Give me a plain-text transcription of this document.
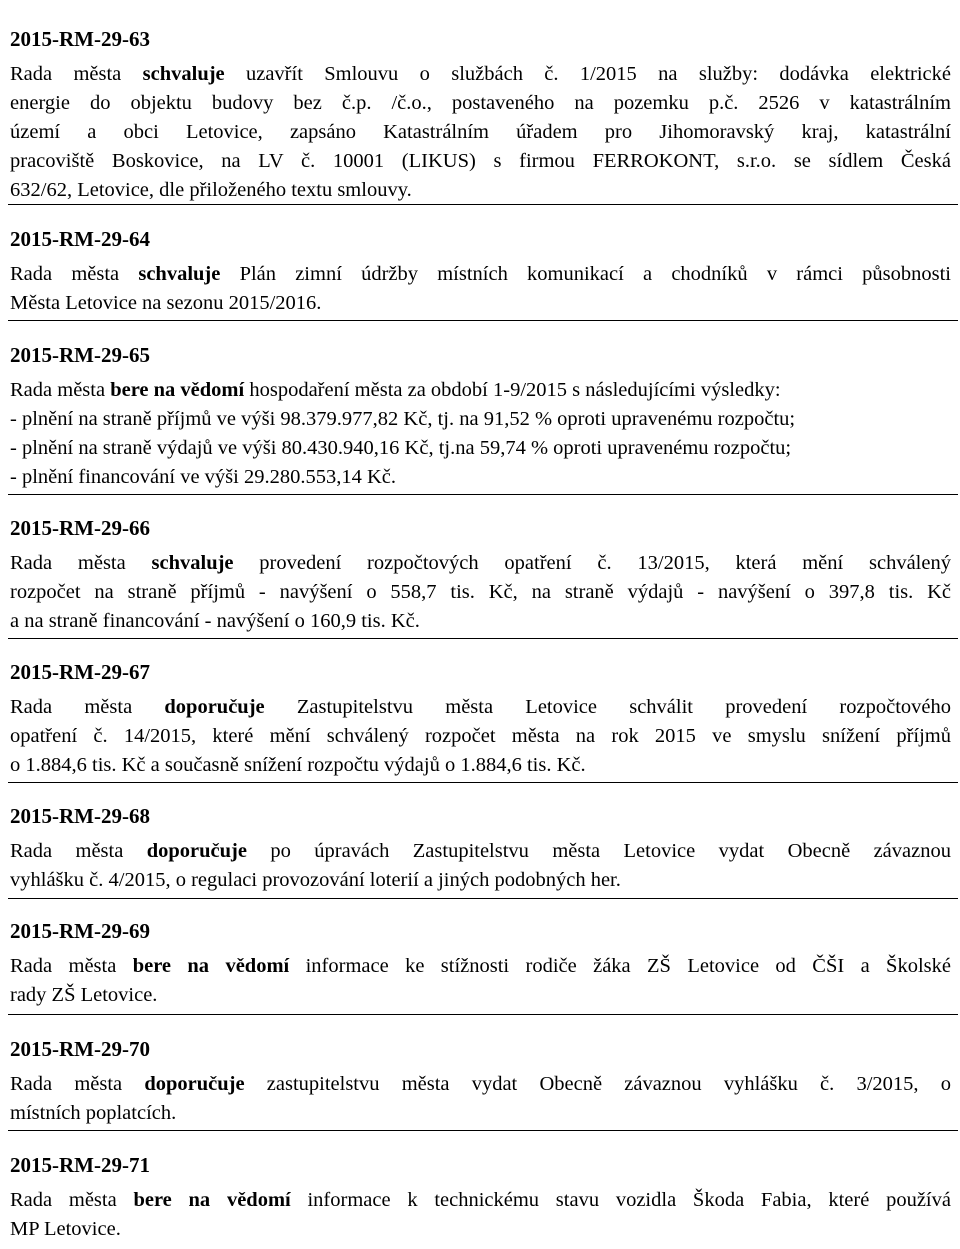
2015-RM-29-63

Rada města schvaluje uzavřít Smlouvu o službách č. 1/2015 na služby: dodávka elektrické
energie do objektu budovy bez č.p. /č.o., postaveného na pozemku p.č. 2526 v katastrálním
území a obci Letovice, zapsáno Katastrálním úřadem pro Jihomoravský kraj, katastrální
pracoviště Boskovice, na LV č. 10001 (LIKUS) s firmou FERROKONT, s.r.o. se sídlem Česká
632/62, Letovice, dle přiloženého textu smlouvy.

2015-RM-29-64

Rada města schvaluje Plán zimní údržby místních komunikací a chodníků v rámci působnosti
Města Letovice na sezonu 2015/2016.

2015-RM-29-65

Rada města bere na vědomí hospodaření města za období 1-9/2015 s následujícími výsledky:
- plnění na straně příjmů ve výši 98.379.977,82 Kč, tj. na 91,52 % oproti upravenému rozpočtu;
- plnění na straně výdajů ve výši 80.430.940,16 Kč, tj.na 59,74 % oproti upravenému rozpočtu;
- plnění financování ve výši 29.280.553,14 Kč.

2015-RM-29-66

Rada města schvaluje provedení rozpočtových opatření č. 13/2015, která mění schválený
rozpočet na straně příjmů - navýšení o 558,7 tis. Kč, na straně výdajů - navýšení o 397,8 tis. Kč
a na straně financování - navýšení o 160,9 tis. Kč.

2015-RM-29-67

Rada města doporučuje Zastupitelstvu města Letovice schválit provedení rozpočtového
opatření č. 14/2015, které mění schválený rozpočet města na rok 2015 ve smyslu snížení příjmů
o 1.884,6 tis. Kč a současně snížení rozpočtu výdajů o 1.884,6 tis. Kč.

2015-RM-29-68

Rada města doporučuje po úpravách Zastupitelstvu města Letovice vydat Obecně závaznou
vyhlášku č. 4/2015, o regulaci provozování loterií a jiných podobných her.

2015-RM-29-69

Rada města bere na vědomí informace ke stížnosti rodiče žáka ZŠ Letovice od ČŠI a Školské
rady ZŠ Letovice.

2015-RM-29-70

Rada města doporučuje zastupitelstvu města vydat Obecně závaznou vyhlášku č. 3/2015, o
místních poplatcích.

2015-RM-29-71

Rada města bere na vědomí informace k technickému stavu vozidla Škoda Fabia, které používá
MP Letovice.
